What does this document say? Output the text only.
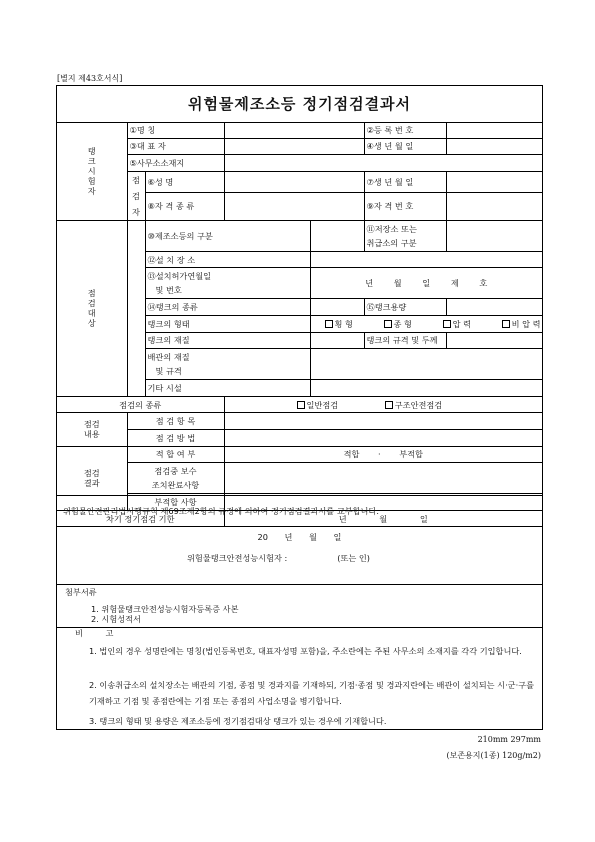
[별지 제43호서식]
위험물제조소등 정기점검결과서
탱크시험자	①명 칭				②등 록 번 호		
	③대 표 자				④생 년 월 일		
	⑤사무소소재지						
	점검자	⑥성 명			⑦생 년 월 일		
		⑧자 격 종 류			⑨자 격 번 호		

점검대상		⑩제조소등의 구분			⑪저장소 또는
취급소의 구분		
		⑫설 치 장 소					
		⑬설치허가연월일
및 번호		년 월 일 제 호			
		⑭탱크의 종류			⑮탱크용량		
		탱크의 형태		횡 형 종 형 압 력 비 압 력			
		탱크의 재질			탱크의 규격 및 두께		
		배관의 재질
및 규격					
		기타 시설					

점검의 종류			일반점검 구조안전점검				
점검내용	점 검 항 목						
	점 검 방 법						
점검결과	적 합 여 부		적합 · 부적합				
	점검중 보수
조치완료사항						
	부적합 사항						
차기 정기점검 기한			년 월 일				
위험물안전관리법시행규칙 제69조제2항의 규정에 의하여 정기점검결과서를 교부합니다.
20 년 월 일
위험물탱크안전성능시험자 :	(또는 인)
첨부서류
1. 위험물탱크안전성능시험자등록증 사본
2. 시험성적서
비 고
1. 법인의 경우 성명란에는 명칭(법인등록번호, 대표자성명 포함)을, 주소란에는 주된 사무소의 소재지를 각각 기입합니다.
2. 이송취급소의 설치장소는 배관의 기점, 종점 및 경과지를 기재하되, 기점·종점 및 경과지란에는 배관이 설치되는 시·군·구를 기재하고 기점 및 종점란에는 기점 또는 종점의 사업소명을 병기합니다.
3. 탱크의 형태 및 용량은 제조소등에 정기점검대상 탱크가 있는 경우에 기재합니다.
210mm 297mm
(보존용지(1종) 120g/m2)
